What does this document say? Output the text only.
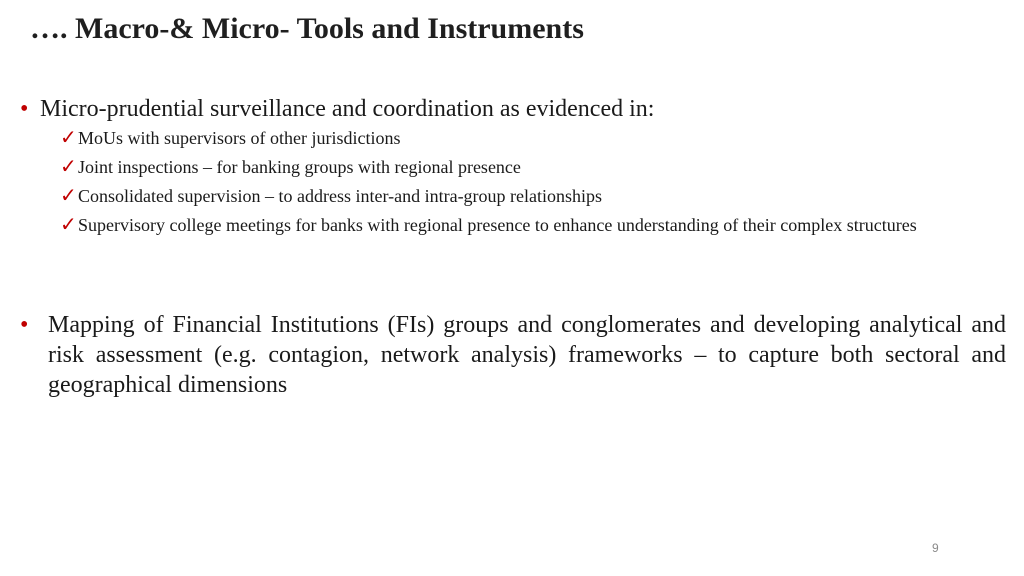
…. Macro-& Micro- Tools and Instruments
• Micro-prudential surveillance and coordination as evidenced in:
✓ MoUs with supervisors of other jurisdictions
✓ Joint inspections – for banking groups with regional presence
✓ Consolidated supervision – to address inter-and intra-group relationships
✓ Supervisory college meetings for banks with regional presence to enhance understanding of their complex structures
• Mapping of Financial Institutions (FIs) groups and conglomerates and developing analytical and risk assessment (e.g. contagion, network analysis) frameworks – to capture both sectoral and geographical dimensions
9
